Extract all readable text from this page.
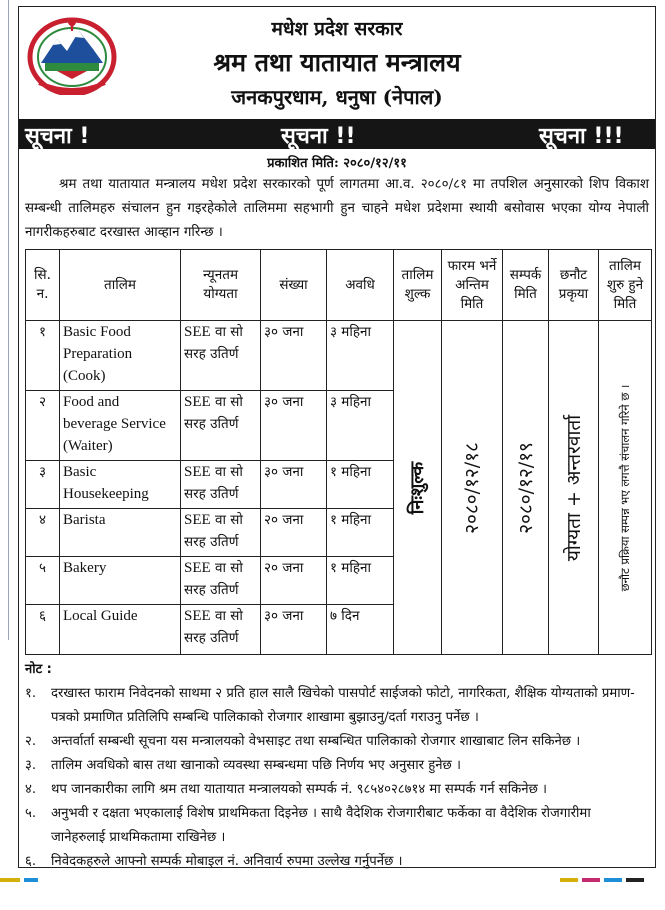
मधेश प्रदेश सरकार
श्रम तथा यातायात मन्त्रालय
जनकपुरधाम, धनुषा (नेपाल)
सूचना !	सूचना !!	सूचना !!!
प्रकाशित मिति: २०८०/१२/११
श्रम तथा यातायात मन्त्रालय मधेश प्रदेश सरकारको पूर्ण लागतमा आ.व. २०८०/८१ मा तपशिल अनुसारको शिप विकाश सम्बन्धी तालिमहरु संचालन हुन गइरहेकोले तालिममा सहभागी हुन चाहने मधेश प्रदेशमा स्थायी बसोवास भएका योग्य नेपाली नागरीकहरुबाट दरखास्त आव्हान गरिन्छ ।
सि. न.	तालिम	न्यूनतम योग्यता	संख्या	अवधि	तालिम शुल्क	फारम भर्ने अन्तिम मिति	सम्पर्क मिति	छनौट प्रकृया	तालिम शुरु हुने मिति
१	Basic Food Preparation (Cook)	SEE वा सो सरह उतिर्ण	३० जना	३ महिना	निःशुल्क	२०८०/१२/१८	२०८०/१२/१९	योग्यता + अन्तरवार्ता	छनौट प्रक्रिया सम्पन्न भए लगत्तै संचालन गरिने छ ।

२	Food and beverage Service (Waiter)	SEE वा सो सरह उतिर्ण	३० जना	३ महिना					
३	Basic Housekeeping	SEE वा सो सरह उतिर्ण	३० जना	१ महिना					
४	Barista	SEE वा सो सरह उतिर्ण	२० जना	१ महिना					
५	Bakery	SEE वा सो सरह उतिर्ण	२० जना	१ महिना					
६	Local Guide	SEE वा सो सरह उतिर्ण	३० जना	७ दिन					
नोट :
१. दरखास्त फाराम निवेदनको साथमा २ प्रति हाल सालै खिचेको पासपोर्ट साईजको फोटो, नागरिकता, शैक्षिक योग्यताको प्रमाण-पत्रको प्रमाणित प्रतिलिपि सम्बन्धि पालिकाको रोजगार शाखामा बुझाउनु/दर्ता गराउनु पर्नेछ ।
२. अन्तर्वार्ता सम्बन्धी सूचना यस मन्त्रालयको वेभसाइट तथा सम्बन्धित पालिकाको रोजगार शाखाबाट लिन सकिनेछ ।
३. तालिम अवधिको बास तथा खानाको व्यवस्था सम्बन्धमा पछि निर्णय भए अनुसार हुनेछ ।
४. थप जानकारीका लागि श्रम तथा यातायात मन्त्रालयको सम्पर्क नं. ९८५४०२८७१४ मा सम्पर्क गर्न सकिनेछ ।
५. अनुभवी र दक्षता भएकालाई विशेष प्राथमिकता दिइनेछ । साथै वैदेशिक रोजगारीबाट फर्केका वा वैदेशिक रोजगारीमा जानेहरुलाई प्राथमिकतामा राखिनेछ ।
६. निवेदकहरुले आफ्नो सम्पर्क मोबाइल नं. अनिवार्य रुपमा उल्लेख गर्नुपर्नेछ ।
